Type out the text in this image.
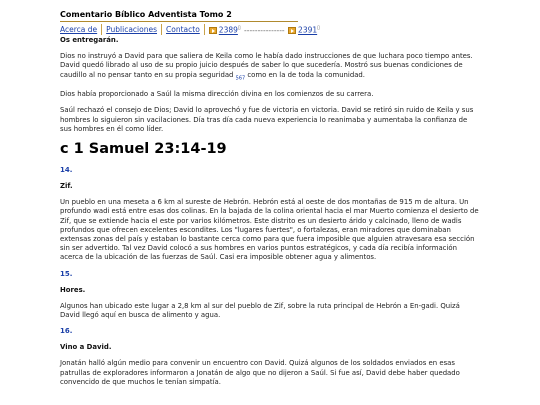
Comentario Bíblico Adventista Tomo 2
Acerca de	Publicaciones	Contacto	2389▯ --------------- 2391▯
Os entregarán.
Dios no instruyó a David para que saliera de Keila como le había dado instrucciones de que luchara poco tiempo antes. David quedó librado al uso de su propio juicio después de saber lo que sucedería. Mostró sus buenas condiciones de caudillo al no pensar tanto en su propia seguridad $_{567}$ como en la de toda la comunidad.
Dios había proporcionado a Saúl la misma dirección divina en los comienzos de su carrera.
Saúl rechazó el consejo de Dios; David lo aprovechó y fue de victoria en victoria. David se retiró sin ruido de Keila y sus hombres lo siguieron sin vacilaciones. Día tras día cada nueva experiencia lo reanimaba y aumentaba la confianza de sus hombres en él como líder.
c 1 Samuel 23:14-19
14.
Zif.
Un pueblo en una meseta a 6 km al sureste de Hebrón. Hebrón está al oeste de dos montañas de 915 m de altura. Un profundo wadi está entre esas dos colinas. En la bajada de la colina oriental hacia el mar Muerto comienza el desierto de Zif, que se extiende hacia el este por varios kilómetros. Este distrito es un desierto árido y calcinado, lleno de wadis profundos que ofrecen excelentes escondites. Los "lugares fuertes", o fortalezas, eran miradores que dominaban extensas zonas del país y estaban lo bastante cerca como para que fuera imposible que alguien atravesara esa sección sin ser advertido. Tal vez David colocó a sus hombres en varios puntos estratégicos, y cada día recibía información acerca de la ubicación de las fuerzas de Saúl. Casi era imposible obtener agua y alimentos.
15.
Hores.
Algunos han ubicado este lugar a 2,8 km al sur del pueblo de Zif, sobre la ruta principal de Hebrón a En-gadi. Quizá David llegó aquí en busca de alimento y agua.
16.
Vino a David.
Jonatán halló algún medio para convenir un encuentro con David. Quizá algunos de los soldados enviados en esas patrullas de exploradores informaron a Jonatán de algo que no dijeron a Saúl. Si fue así, David debe haber quedado convencido de que muchos le tenían simpatía.
